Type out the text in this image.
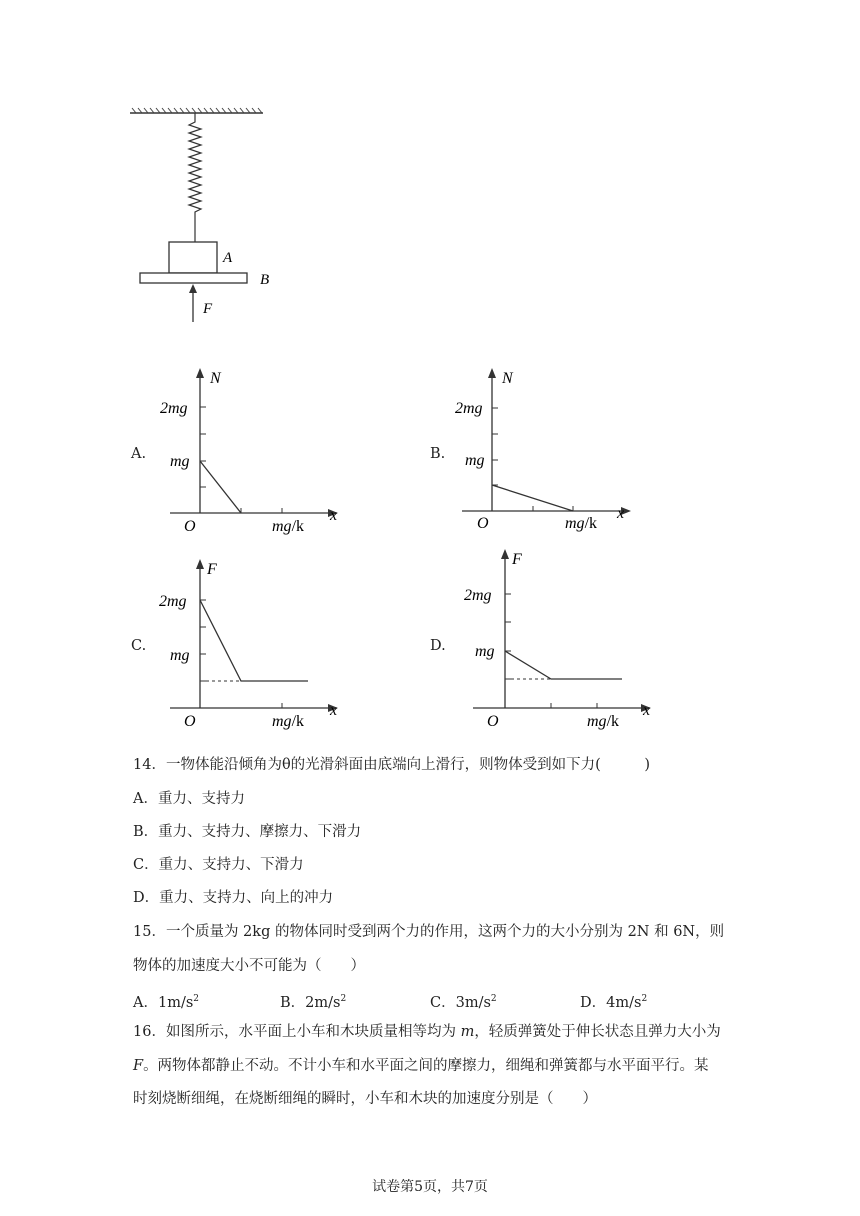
A
B
F
A.
N
2mg
mg
O	mg/k
x
B.
N
2mg
mg
O	mg/k
x
C.
F
2mg
mg
O	mg/k
x
D.
F
2mg
mg
O	mg/k
x
14．一物体能沿倾角为θ的光滑斜面由底端向上滑行，则物体受到如下力(　　　)
A．重力、支持力
B．重力、支持力、摩擦力、下滑力
C．重力、支持力、下滑力
D．重力、支持力、向上的冲力
15．一个质量为 2kg 的物体同时受到两个力的作用，这两个力的大小分别为 2N 和 6N，则
物体的加速度大小不可能为（　　）
A．$1m/s^2$	B．$2m/s^2$	C．$3m/s^2$	D．$4m/s^2$
16．如图所示，水平面上小车和木块质量相等均为 m，轻质弹簧处于伸长状态且弹力大小为
F。两物体都静止不动。不计小车和水平面之间的摩擦力，细绳和弹簧都与水平面平行。某
时刻烧断细绳，在烧断细绳的瞬时，小车和木块的加速度分别是（　　）
试卷第5页，共7页
